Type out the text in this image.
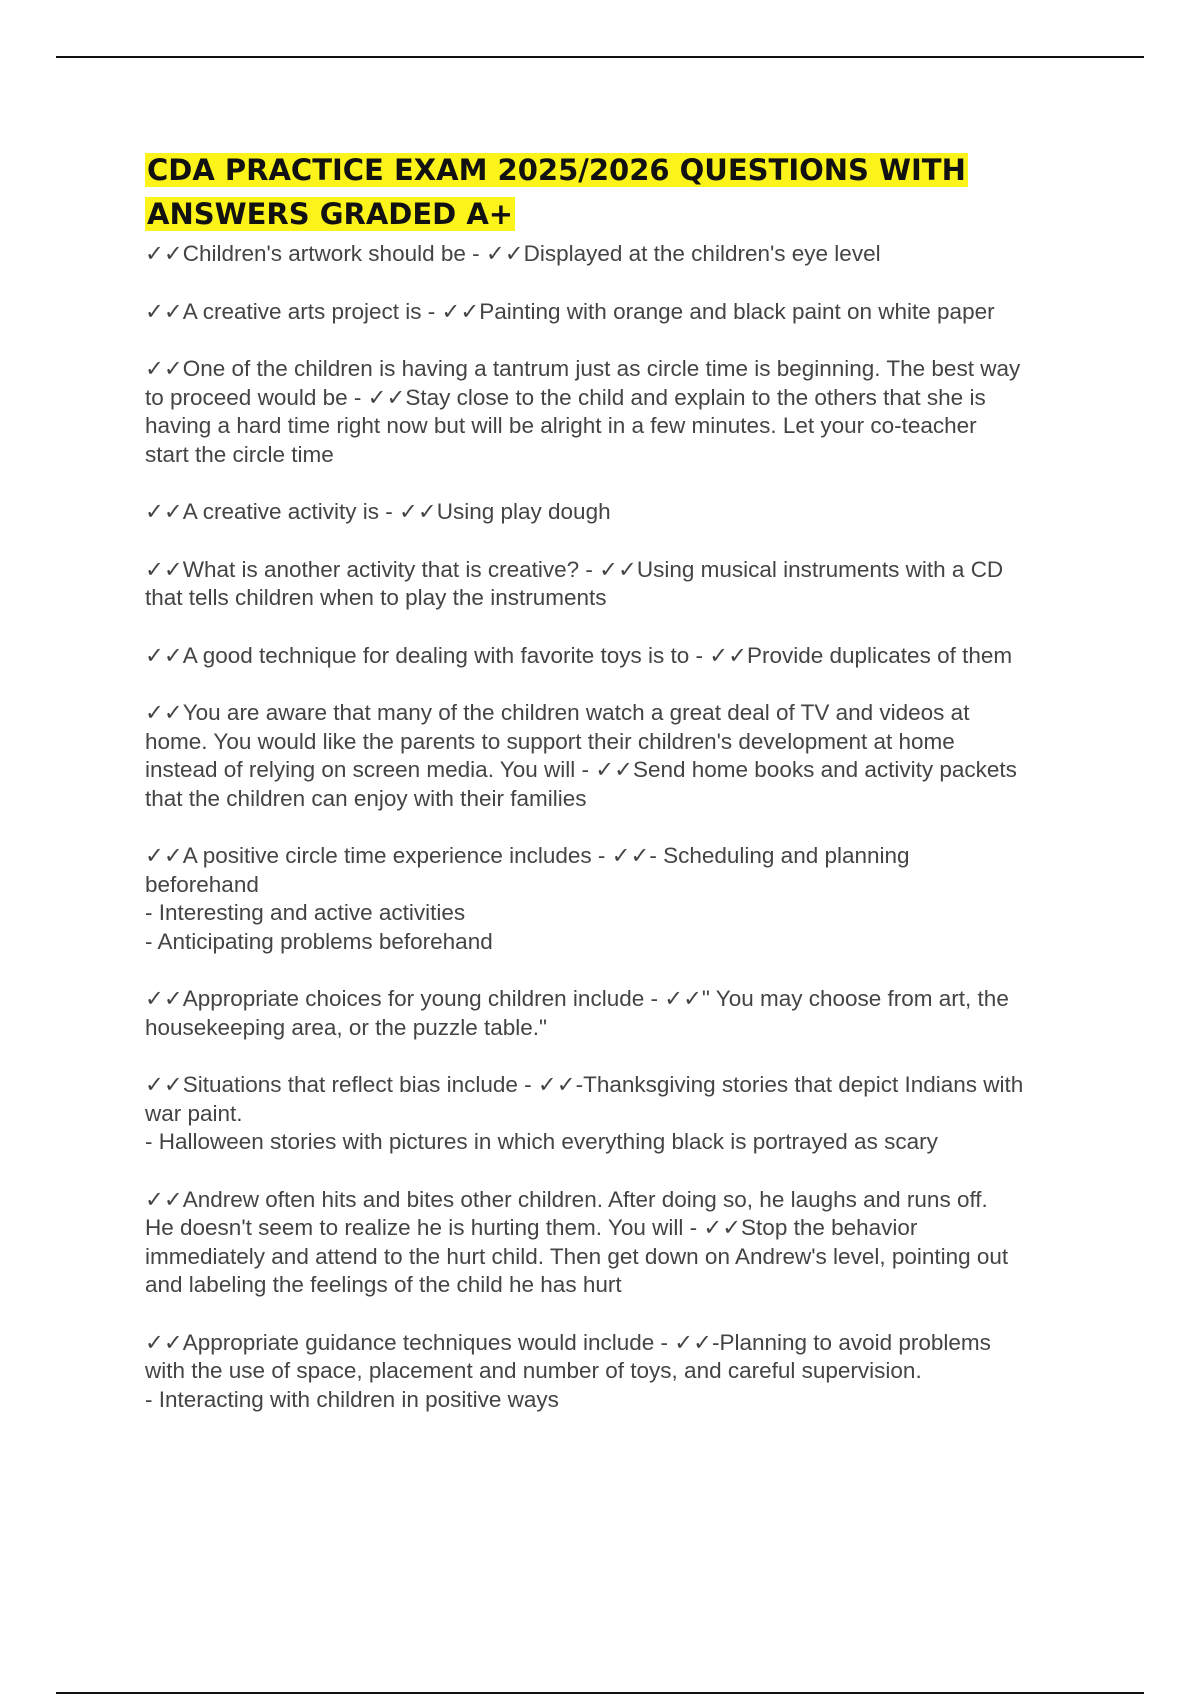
CDA PRACTICE EXAM 2025/2026 QUESTIONS WITH
ANSWERS GRADED A+

✓✓Children's artwork should be - ✓✓Displayed at the children's eye level

✓✓A creative arts project is - ✓✓Painting with orange and black paint on white paper

✓✓One of the children is having a tantrum just as circle time is beginning. The best way
to proceed would be - ✓✓Stay close to the child and explain to the others that she is
having a hard time right now but will be alright in a few minutes. Let your co-teacher
start the circle time

✓✓A creative activity is - ✓✓Using play dough

✓✓What is another activity that is creative? - ✓✓Using musical instruments with a CD
that tells children when to play the instruments

✓✓A good technique for dealing with favorite toys is to - ✓✓Provide duplicates of them

✓✓You are aware that many of the children watch a great deal of TV and videos at
home. You would like the parents to support their children's development at home
instead of relying on screen media. You will - ✓✓Send home books and activity packets
that the children can enjoy with their families

✓✓A positive circle time experience includes - ✓✓- Scheduling and planning
beforehand
- Interesting and active activities
- Anticipating problems beforehand

✓✓Appropriate choices for young children include - ✓✓" You may choose from art, the
housekeeping area, or the puzzle table."

✓✓Situations that reflect bias include - ✓✓-Thanksgiving stories that depict Indians with
war paint.
- Halloween stories with pictures in which everything black is portrayed as scary

✓✓Andrew often hits and bites other children. After doing so, he laughs and runs off.
He doesn't seem to realize he is hurting them. You will - ✓✓Stop the behavior
immediately and attend to the hurt child. Then get down on Andrew's level, pointing out
and labeling the feelings of the child he has hurt

✓✓Appropriate guidance techniques would include - ✓✓-Planning to avoid problems
with the use of space, placement and number of toys, and careful supervision.
- Interacting with children in positive ways
